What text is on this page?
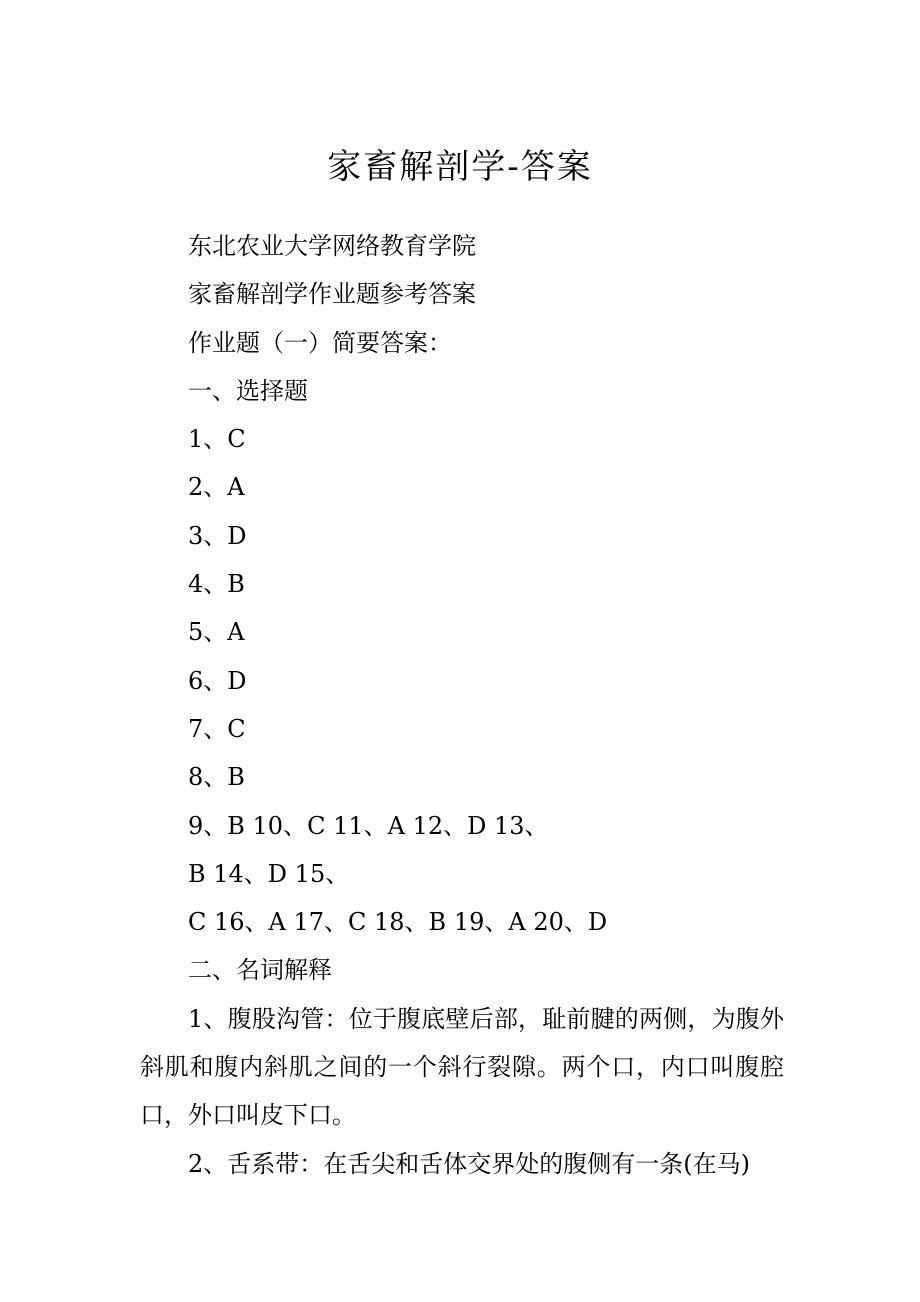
家畜解剖学-答案

东北农业大学网络教育学院

家畜解剖学作业题参考答案

作业题（一）简要答案：

一、选择题

1、C

2、A

3、D

4、B

5、A

6、D

7、C

8、B

9、B 10、C 11、A 12、D 13、

B 14、D 15、

C 16、A 17、C 18、B 19、A 20、D

二、名词解释

1、腹股沟管：位于腹底壁后部，耻前腱的两侧，为腹外斜肌和腹内斜肌之间的一个斜行裂隙。两个口，内口叫腹腔口，外口叫皮下口。

2、舌系带：在舌尖和舌体交界处的腹侧有一条(在马)
